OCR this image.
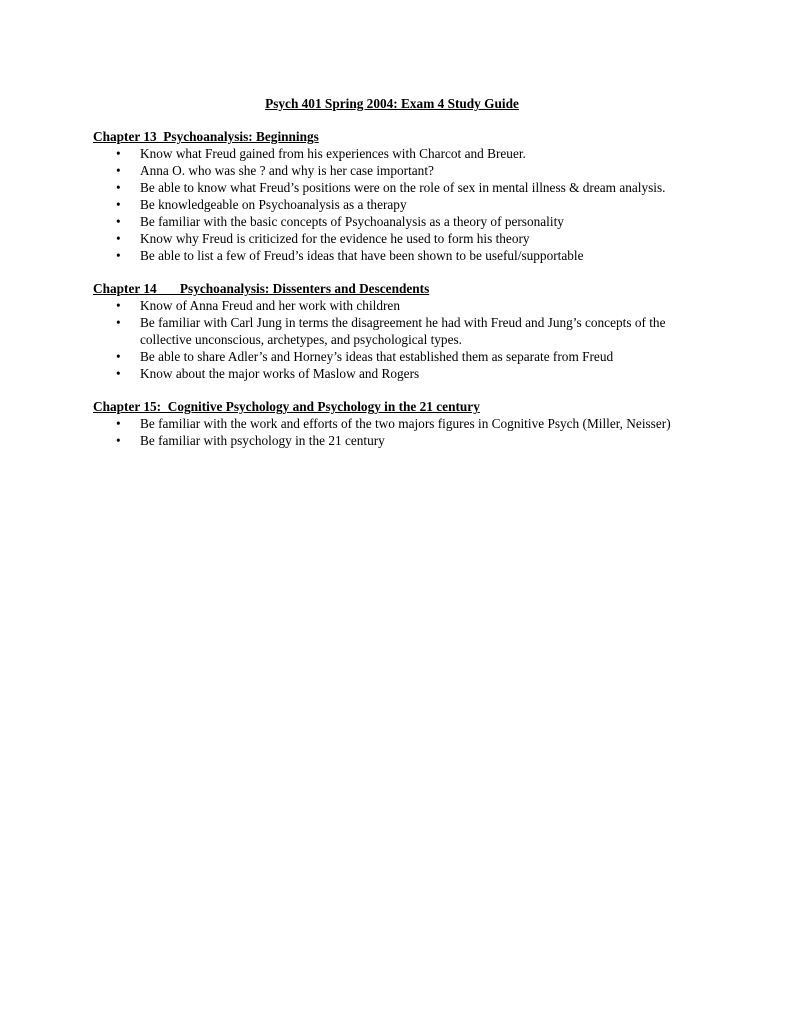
Psych 401 Spring 2004: Exam 4 Study Guide
Chapter 13  Psychoanalysis: Beginnings
• Know what Freud gained from his experiences with Charcot and Breuer.
• Anna O. who was she ? and why is her case important?
• Be able to know what Freud’s positions were on the role of sex in mental illness & dream analysis.
• Be knowledgeable on Psychoanalysis as a therapy
• Be familiar with the basic concepts of Psychoanalysis as a theory of personality
• Know why Freud is criticized for the evidence he used to form his theory
• Be able to list a few of Freud’s ideas that have been shown to be useful/supportable
Chapter 14       Psychoanalysis: Dissenters and Descendents
• Know of Anna Freud and her work with children
• Be familiar with Carl Jung in terms the disagreement he had with Freud and Jung’s concepts of the collective unconscious, archetypes, and psychological types.
• Be able to share Adler’s and Horney’s ideas that established them as separate from Freud
• Know about the major works of Maslow and Rogers
Chapter 15:  Cognitive Psychology and Psychology in the 21 century
• Be familiar with the work and efforts of the two majors figures in Cognitive Psych (Miller, Neisser)
• Be familiar with psychology in the 21 century
